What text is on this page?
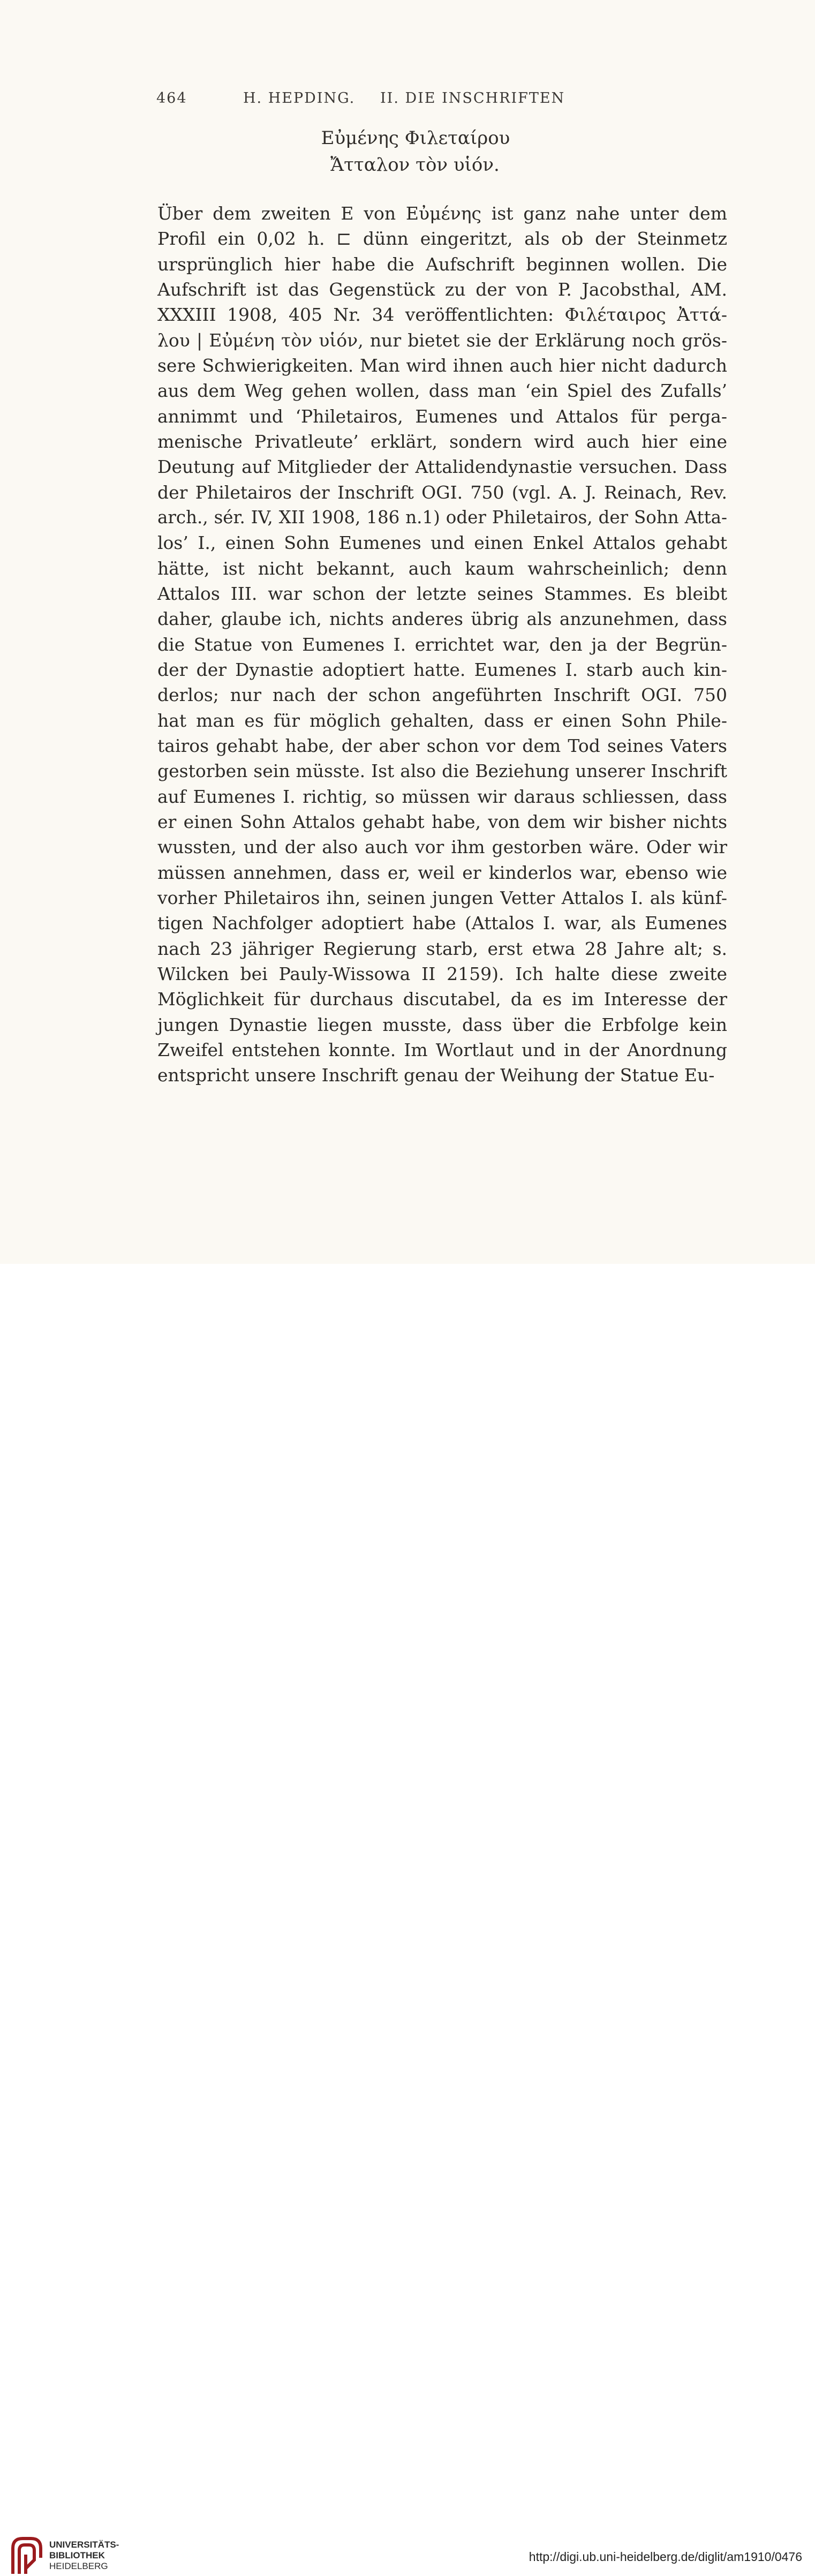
464	H. HEPDING. II. DIE INSCHRIFTEN
Εὐμένης Φιλεταίρου
Ἄτταλον τὸν υἱόν.
Über dem zweiten E von Εὐμένης ist ganz nahe unter dem
Profil ein 0,02 h. ⊏ dünn eingeritzt, als ob der Steinmetz
ursprünglich hier habe die Aufschrift beginnen wollen. Die
Aufschrift ist das Gegenstück zu der von P. Jacobsthal, AM.
XXXIII 1908, 405 Nr. 34 veröffentlichten: Φιλέταιρος Ἀττά-
λου | Εὐμένη τὸν υἱόν, nur bietet sie der Erklärung noch grös-
sere Schwierigkeiten. Man wird ihnen auch hier nicht dadurch
aus dem Weg gehen wollen, dass man ‘ein Spiel des Zufalls’
annimmt und ‘Philetairos, Eumenes und Attalos für perga-
menische Privatleute’ erklärt, sondern wird auch hier eine
Deutung auf Mitglieder der Attalidendynastie versuchen. Dass
der Philetairos der Inschrift OGI. 750 (vgl. A. J. Reinach, Rev.
arch., sér. IV, XII 1908, 186 n.1) oder Philetairos, der Sohn Atta-
los’ I., einen Sohn Eumenes und einen Enkel Attalos gehabt
hätte, ist nicht bekannt, auch kaum wahrscheinlich; denn
Attalos III. war schon der letzte seines Stammes. Es bleibt
daher, glaube ich, nichts anderes übrig als anzunehmen, dass
die Statue von Eumenes I. errichtet war, den ja der Begrün-
der der Dynastie adoptiert hatte. Eumenes I. starb auch kin-
derlos; nur nach der schon angeführten Inschrift OGI. 750
hat man es für möglich gehalten, dass er einen Sohn Phile-
tairos gehabt habe, der aber schon vor dem Tod seines Vaters
gestorben sein müsste. Ist also die Beziehung unserer Inschrift
auf Eumenes I. richtig, so müssen wir daraus schliessen, dass
er einen Sohn Attalos gehabt habe, von dem wir bisher nichts
wussten, und der also auch vor ihm gestorben wäre. Oder wir
müssen annehmen, dass er, weil er kinderlos war, ebenso wie
vorher Philetairos ihn, seinen jungen Vetter Attalos I. als künf-
tigen Nachfolger adoptiert habe (Attalos I. war, als Eumenes
nach 23 jähriger Regierung starb, erst etwa 28 Jahre alt; s.
Wilcken bei Pauly-Wissowa II 2159). Ich halte diese zweite
Möglichkeit für durchaus discutabel, da es im Interesse der
jungen Dynastie liegen musste, dass über die Erbfolge kein
Zweifel entstehen konnte. Im Wortlaut und in der Anordnung
entspricht unsere Inschrift genau der Weihung der Statue Eu-
UNIVERSITÄTS-
BIBLIOTHEK
HEIDELBERG
http://digi.ub.uni-heidelberg.de/diglit/am1910/0476
